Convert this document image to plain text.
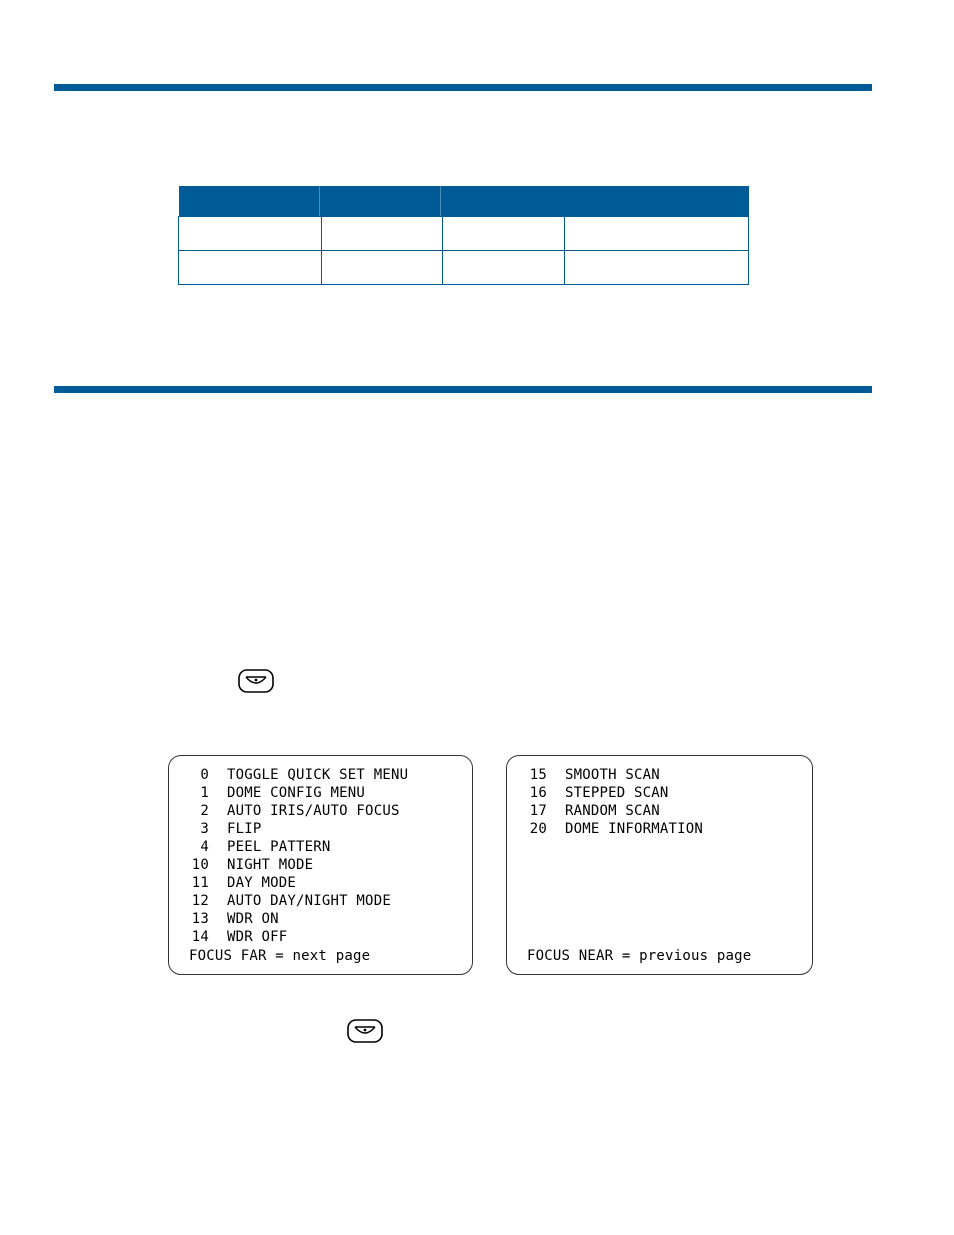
0 TOGGLE QUICK SET MENU
1 DOME CONFIG MENU
2 AUTO IRIS/AUTO FOCUS
3 FLIP
4 PEEL PATTERN
10 NIGHT MODE
11 DAY MODE
12 AUTO DAY/NIGHT MODE
13 WDR ON
14 WDR OFF
FOCUS FAR = next page
15 SMOOTH SCAN
16 STEPPED SCAN
17 RANDOM SCAN
20 DOME INFORMATION
FOCUS NEAR = previous page
